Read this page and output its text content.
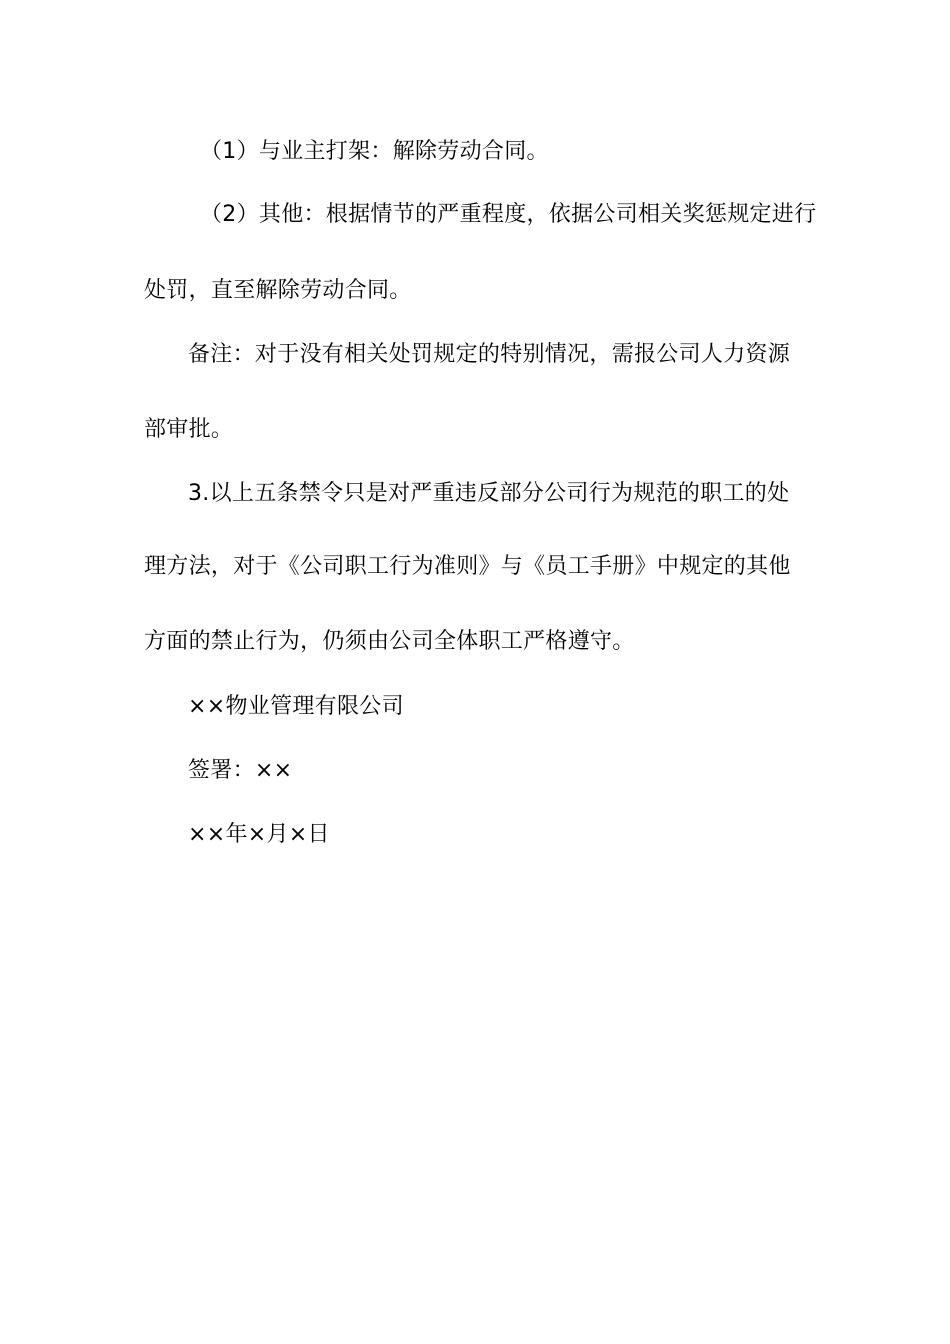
（1）与业主打架：解除劳动合同。
（2）其他：根据情节的严重程度，依据公司相关奖惩规定进行
处罚，直至解除劳动合同。
备注：对于没有相关处罚规定的特别情况，需报公司人力资源
部审批。
3.以上五条禁令只是对严重违反部分公司行为规范的职工的处
理方法，对于《公司职工行为准则》与《员工手册》中规定的其他
方面的禁止行为，仍须由公司全体职工严格遵守。
××物业管理有限公司
签署：××
××年×月×日
